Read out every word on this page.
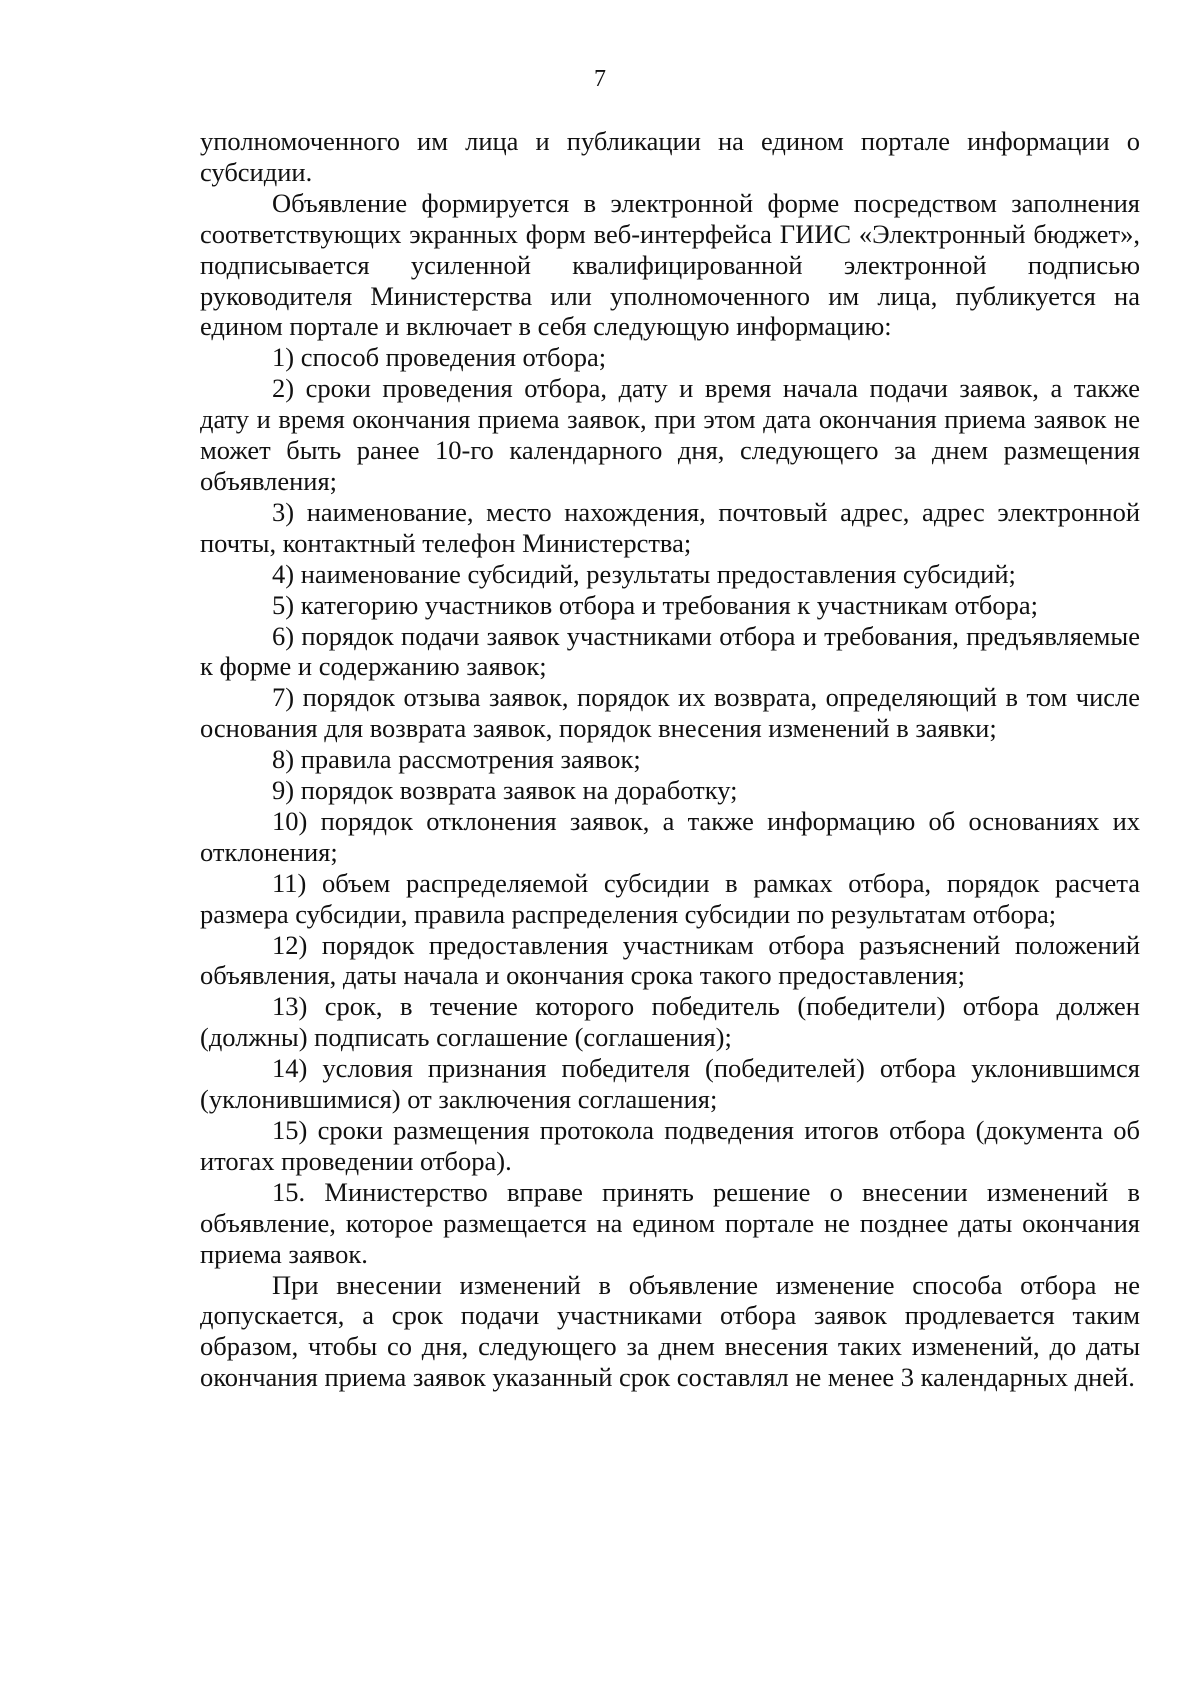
7

уполномоченного им лица и публикации на едином портале информации о субсидии.

Объявление формируется в электронной форме посредством заполнения соответствующих экранных форм веб-интерфейса ГИИС «Электронный бюджет», подписывается усиленной квалифицированной электронной подписью руководителя Министерства или уполномоченного им лица, публикуется на едином портале и включает в себя следующую информацию:

1) способ проведения отбора;

2) сроки проведения отбора, дату и время начала подачи заявок, а также дату и время окончания приема заявок, при этом дата окончания приема заявок не может быть ранее 10-го календарного дня, следующего за днем размещения объявления;

3) наименование, место нахождения, почтовый адрес, адрес электронной почты, контактный телефон Министерства;

4) наименование субсидий, результаты предоставления субсидий;

5) категорию участников отбора и требования к участникам отбора;

6) порядок подачи заявок участниками отбора и требования, предъявляемые к форме и содержанию заявок;

7) порядок отзыва заявок, порядок их возврата, определяющий в том числе основания для возврата заявок, порядок внесения изменений в заявки;

8) правила рассмотрения заявок;

9) порядок возврата заявок на доработку;

10) порядок отклонения заявок, а также информацию об основаниях их отклонения;

11) объем распределяемой субсидии в рамках отбора, порядок расчета размера субсидии, правила распределения субсидии по результатам отбора;

12) порядок предоставления участникам отбора разъяснений положений объявления, даты начала и окончания срока такого предоставления;

13) срок, в течение которого победитель (победители) отбора должен (должны) подписать соглашение (соглашения);

14) условия признания победителя (победителей) отбора уклонившимся (уклонившимися) от заключения соглашения;

15) сроки размещения протокола подведения итогов отбора (документа об итогах проведении отбора).

15. Министерство вправе принять решение о внесении изменений в объявление, которое размещается на едином портале не позднее даты окончания приема заявок.

При внесении изменений в объявление изменение способа отбора не допускается, а срок подачи участниками отбора заявок продлевается таким образом, чтобы со дня, следующего за днем внесения таких изменений, до даты окончания приема заявок указанный срок составлял не менее 3 календарных дней.
